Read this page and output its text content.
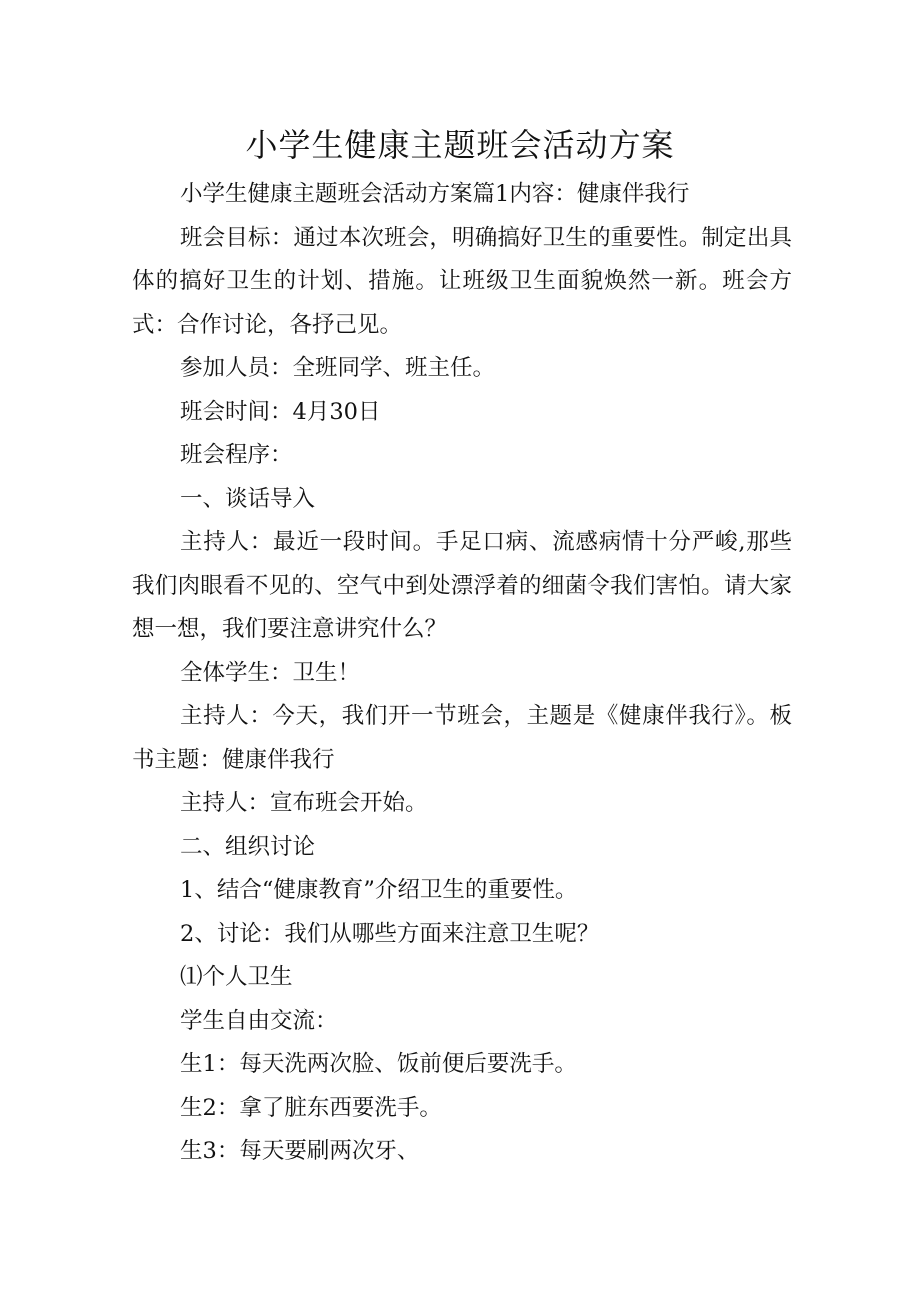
小学生健康主题班会活动方案

小学生健康主题班会活动方案篇1内容：健康伴我行

班会目标：通过本次班会，明确搞好卫生的重要性。制定出具体的搞好卫生的计划、措施。让班级卫生面貌焕然一新。班会方式：合作讨论，各抒己见。

参加人员：全班同学、班主任。

班会时间：4月30日

班会程序：

一、谈话导入

主持人：最近一段时间。手足口病、流感病情十分严峻,那些我们肉眼看不见的、空气中到处漂浮着的细菌令我们害怕。请大家想一想，我们要注意讲究什么？

全体学生：卫生！

主持人：今天，我们开一节班会，主题是《健康伴我行》。板书主题：健康伴我行

主持人：宣布班会开始。

二、组织讨论

1、结合“健康教育”介绍卫生的重要性。

2、讨论：我们从哪些方面来注意卫生呢？

⑴个人卫生

学生自由交流：

生1：每天洗两次脸、饭前便后要洗手。

生2：拿了脏东西要洗手。

生3：每天要刷两次牙、
